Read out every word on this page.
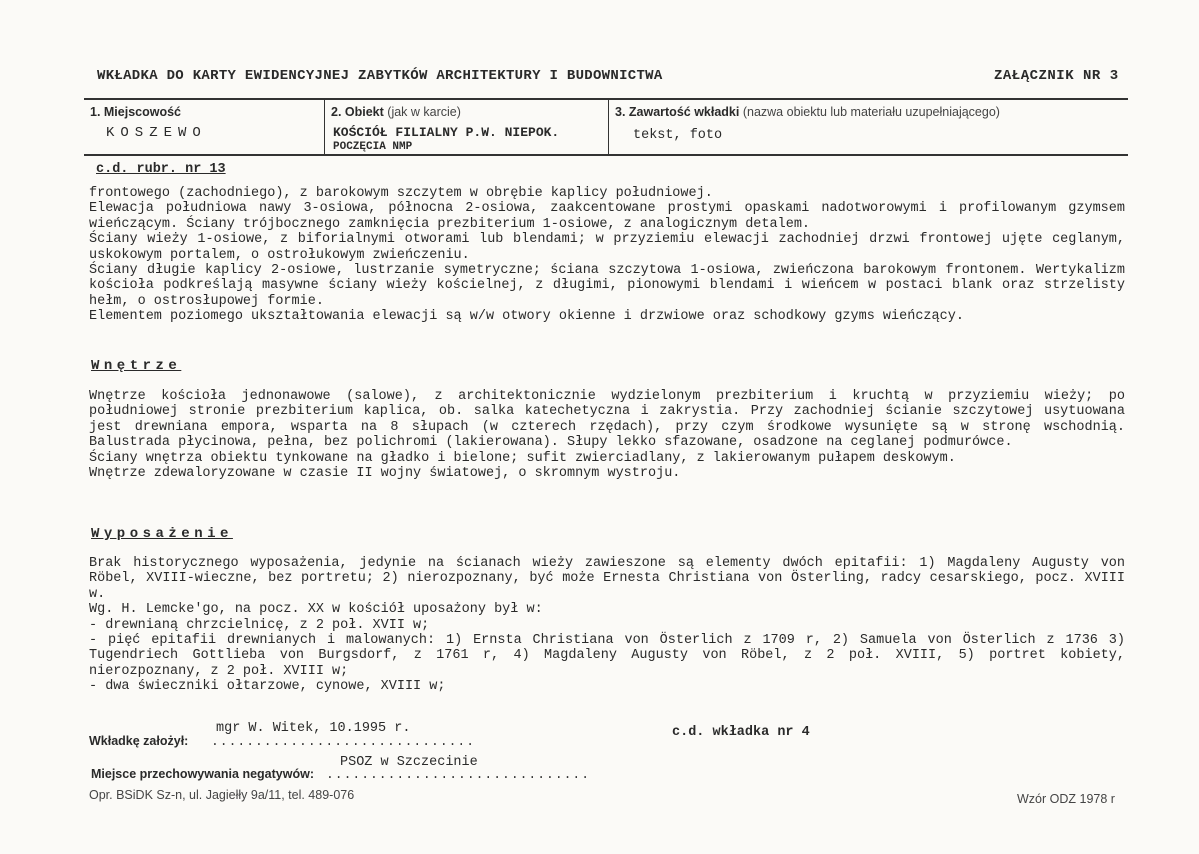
WKŁADKA DO KARTY EWIDENCYJNEJ ZABYTKÓW ARCHITEKTURY I BUDOWNICTWA	ZAŁĄCZNIK NR 3
1. Miejscowość
KOSZEWO
2. Obiekt (jak w karcie)
KOŚCIÓŁ FILIALNY P.W. NIEPOK.
POCZĘCIA NMP
3. Zawartość wkładki (nazwa obiektu lub materiału uzupełniającego)
tekst, foto
c.d. rubr. nr 13

frontowego (zachodniego), z barokowym szczytem w obrębie kaplicy południowej.

Elewacja południowa nawy 3-osiowa, północna 2-osiowa, zaakcentowane prostymi opaskami nadotworowymi i profilowanym gzymsem wieńczącym. Ściany trójbocznego zamknięcia prezbiterium 1-osiowe, z analogicznym detalem.

Ściany wieży 1-osiowe, z biforialnymi otworami lub blendami; w przyziemiu elewacji zachodniej drzwi frontowej ujęte ceglanym, uskokowym portalem, o ostrołukowym zwieńczeniu.

Ściany długie kaplicy 2-osiowe, lustrzanie symetryczne; ściana szczytowa 1-osiowa, zwieńczona barokowym frontonem. Wertykalizm kościoła podkreślają masywne ściany wieży kościelnej, z długimi, pionowymi blendami i wieńcem w postaci blank oraz strzelisty hełm, o ostrosłupowej formie.

Elementem poziomego ukształtowania elewacji są w/w otwory okienne i drzwiowe oraz schodkowy gzyms wieńczący.

Wnętrze

Wnętrze kościoła jednonawowe (salowe), z architektonicznie wydzielonym prezbiterium i kruchtą w przyziemiu wieży; po południowej stronie prezbiterium kaplica, ob. salka katechetyczna i zakrystia. Przy zachodniej ścianie szczytowej usytuowana jest drewniana empora, wsparta na 8 słupach (w czterech rzędach), przy czym środkowe wysunięte są w stronę wschodnią. Balustrada płycinowa, pełna, bez polichromi (lakierowana). Słupy lekko sfazowane, osadzone na ceglanej podmurówce.

Ściany wnętrza obiektu tynkowane na gładko i bielone; sufit zwierciadlany, z lakierowanym pułapem deskowym.

Wnętrze zdewaloryzowane w czasie II wojny światowej, o skromnym wystroju.

Wyposażenie

Brak historycznego wyposażenia, jedynie na ścianach wieży zawieszone są elementy dwóch epitafii: 1) Magdaleny Augusty von Röbel, XVIII-wieczne, bez portretu; 2) nierozpoznany, być może Ernesta Christiana von Österling, radcy cesarskiego, pocz. XVIII w.

Wg. H. Lemcke'go, na pocz. XX w kościół uposażony był w:

- drewnianą chrzcielnicę, z 2 poł. XVII w;

- pięć epitafii drewnianych i malowanych: 1) Ernsta Christiana von Österlich z 1709 r, 2) Samuela von Österlich z 1736 3) Tugendriech Gottlieba von Burgsdorf, z 1761 r, 4) Magdaleny Augusty von Röbel, z 2 poł. XVIII, 5) portret kobiety, nierozpoznany, z 2 poł. XVIII w;

- dwa świeczniki ołtarzowe, cynowe, XVIII w;

mgr W. Witek, 10.1995 r.
Wkładkę założył: ..............................
c.d. wkładka nr 4
PSOZ w Szczecinie
Miejsce przechowywania negatywów: ..............................
Opr. BSiDK Sz-n, ul. Jagiełły 9a/11, tel. 489-076	Wzór ODZ 1978 r
